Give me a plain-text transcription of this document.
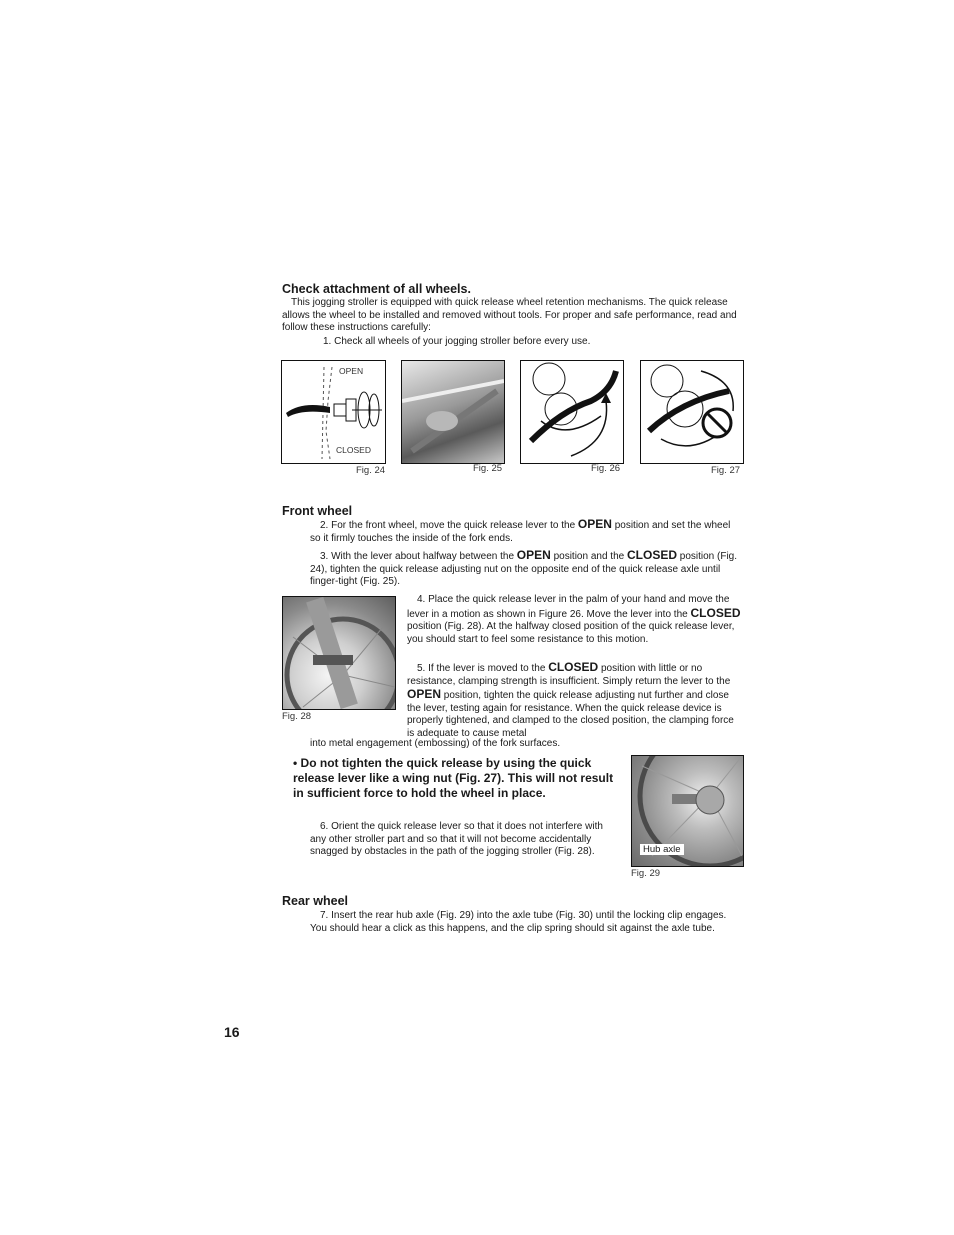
Check attachment of all wheels.
This jogging stroller is equipped with quick release wheel retention mechanisms. The quick release allows the wheel to be installed and removed without tools. For proper and safe performance, read and follow these instructions carefully:
1. Check all wheels of your jogging stroller before every use.
OPEN
CLOSED
Fig. 24	Fig. 25	Fig. 26	Fig. 27
Front wheel
2. For the front wheel, move the quick release lever to the OPEN position and set the wheel so it firmly touches the inside of the fork ends.
3. With the lever about halfway between the OPEN position and the CLOSED position (Fig. 24), tighten the quick release adjusting nut on the opposite end of the quick release axle until finger-tight (Fig. 25).
Fig. 28
4. Place the quick release lever in the palm of your hand and move the lever in a motion as shown in Figure 26. Move the lever into the CLOSED position (Fig. 28). At the halfway closed position of the quick release lever, you should start to feel some resistance to this motion.
5. If the lever is moved to the CLOSED position with little or no resistance, clamping strength is insufficient. Simply return the lever to the OPEN position, tighten the quick release adjusting nut further and close the lever, testing again for resistance. When the quick release device is properly tightened, and clamped to the closed position, the clamping force is adequate to cause metal
into metal engagement (embossing) of the fork surfaces.
• Do not tighten the quick release by using the quick release lever like a wing nut (Fig. 27). This will not result in sufficient force to hold the wheel in place.
6. Orient the quick release lever so that it does not interfere with any other stroller part and so that it will not become accidentally snagged by obstacles in the path of the jogging stroller (Fig. 28).	Hub axle
Fig. 29
Rear wheel
7. Insert the rear hub axle (Fig. 29) into the axle tube (Fig. 30) until the locking clip engages. You should hear a click as this happens, and the clip spring should sit against the axle tube.
16
